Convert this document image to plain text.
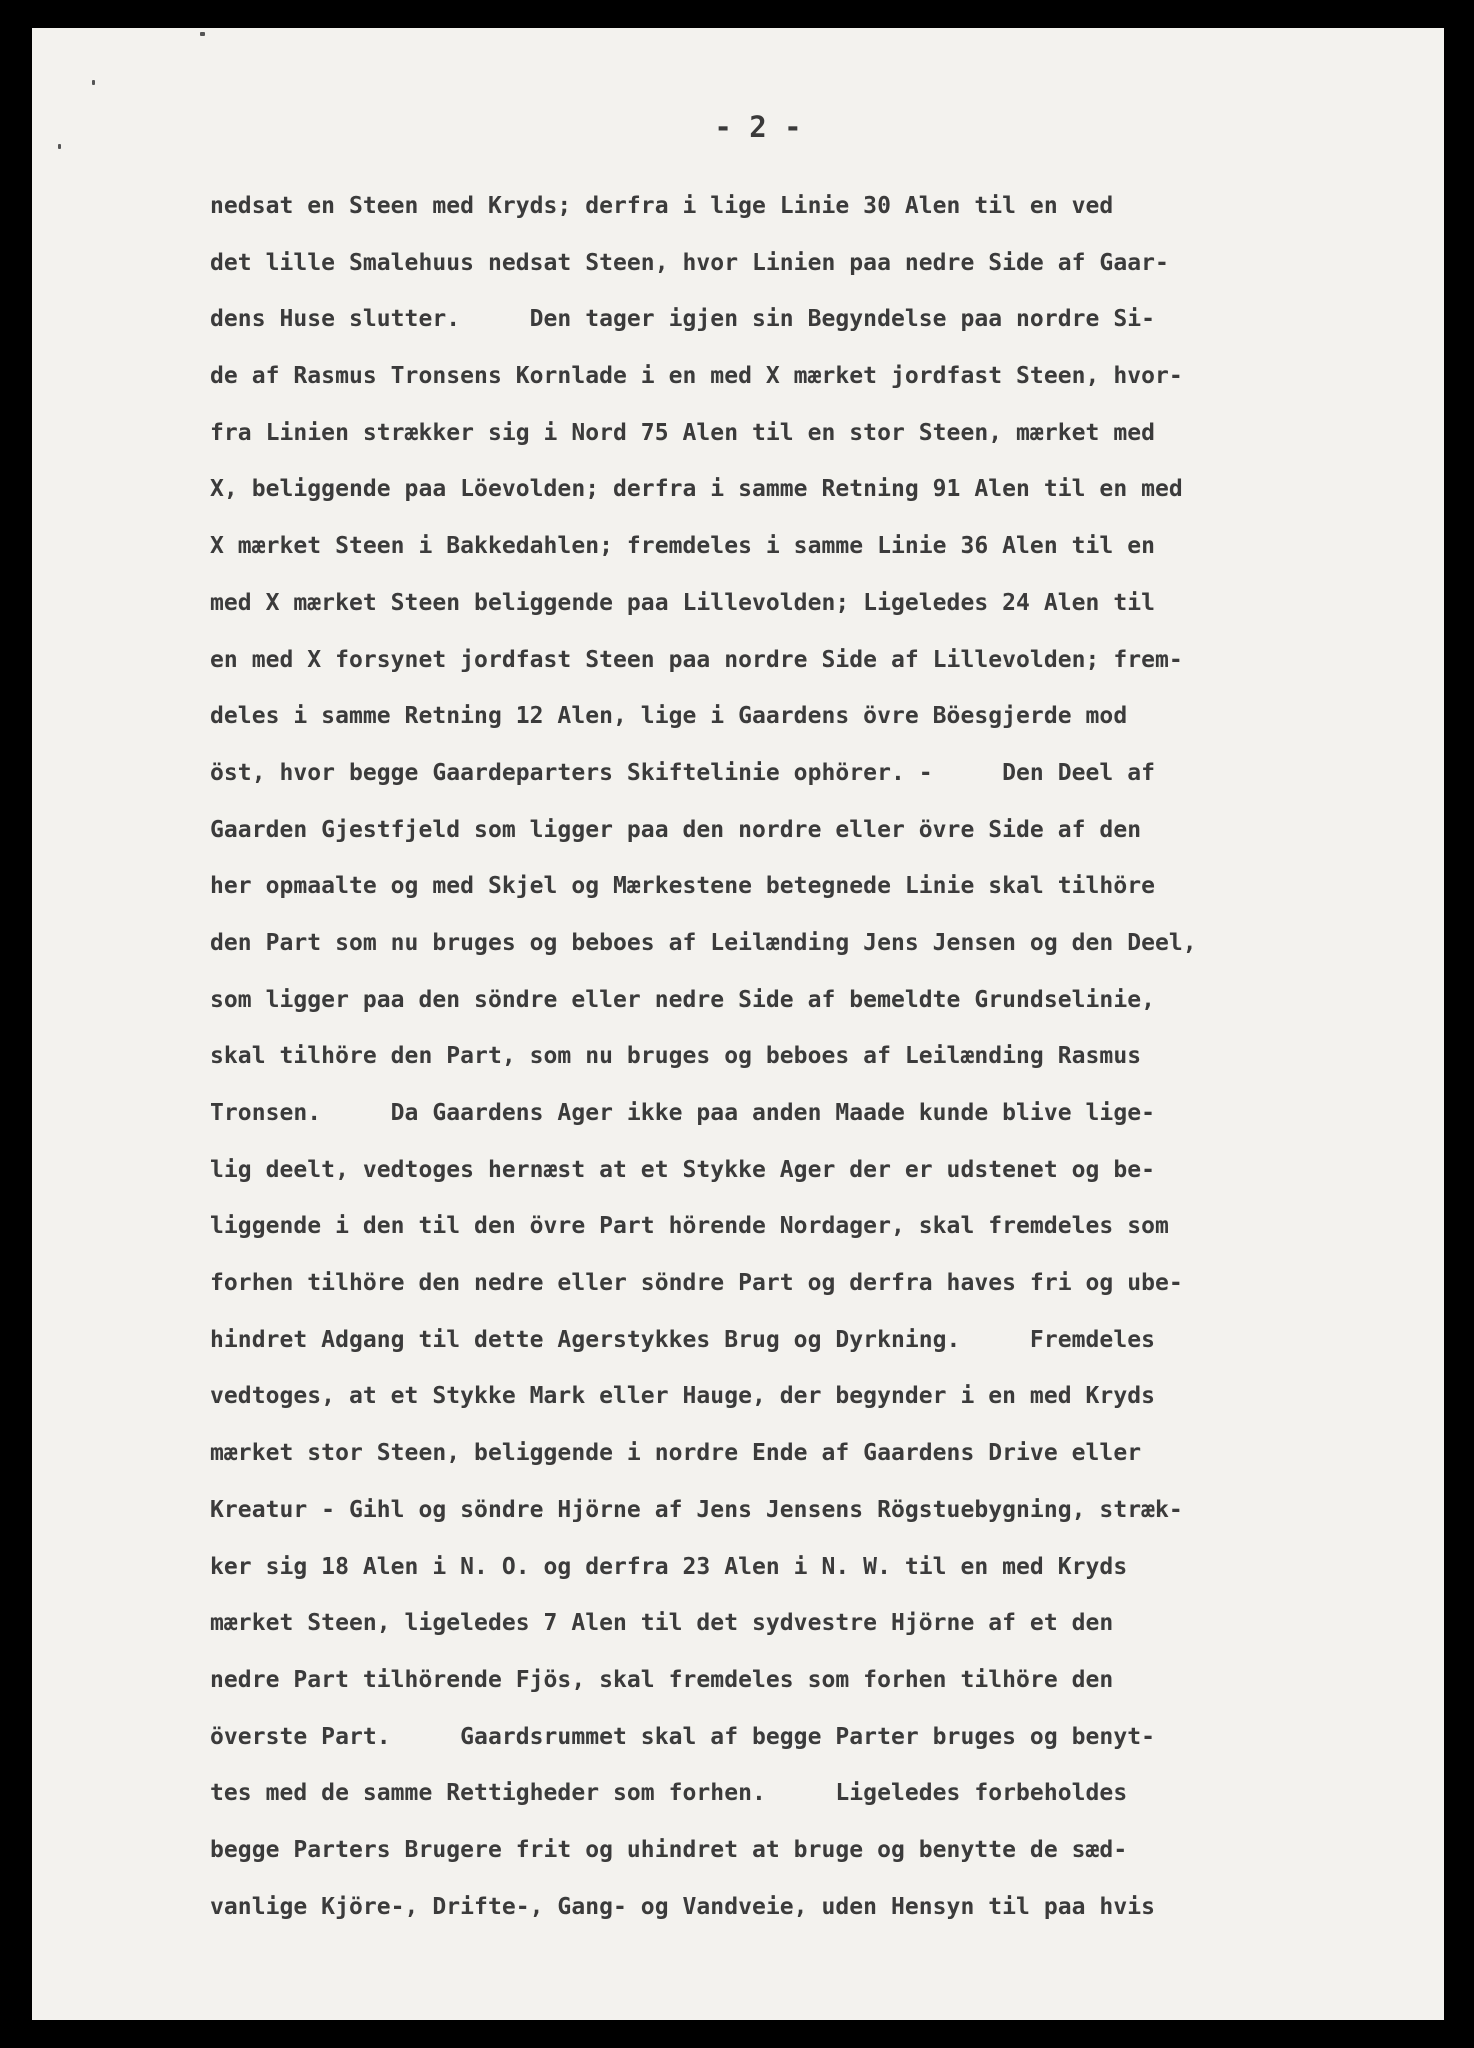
- 2 -
nedsat en Steen med Kryds; derfra i lige Linie 30 Alen til en ved
det lille Smalehuus nedsat Steen, hvor Linien paa nedre Side af Gaar-
dens Huse slutter.     Den tager igjen sin Begyndelse paa nordre Si-
de af Rasmus Tronsens Kornlade i en med X mærket jordfast Steen, hvor-
fra Linien strækker sig i Nord 75 Alen til en stor Steen, mærket med
X, beliggende paa Löevolden; derfra i samme Retning 91 Alen til en med
X mærket Steen i Bakkedahlen; fremdeles i samme Linie 36 Alen til en
med X mærket Steen beliggende paa Lillevolden; Ligeledes 24 Alen til
en med X forsynet jordfast Steen paa nordre Side af Lillevolden; frem-
deles i samme Retning 12 Alen, lige i Gaardens övre Böesgjerde mod
öst, hvor begge Gaardeparters Skiftelinie ophörer. -     Den Deel af
Gaarden Gjestfjeld som ligger paa den nordre eller övre Side af den
her opmaalte og med Skjel og Mærkestene betegnede Linie skal tilhöre
den Part som nu bruges og beboes af Leilænding Jens Jensen og den Deel,
som ligger paa den söndre eller nedre Side af bemeldte Grundselinie,
skal tilhöre den Part, som nu bruges og beboes af Leilænding Rasmus
Tronsen.     Da Gaardens Ager ikke paa anden Maade kunde blive lige-
lig deelt, vedtoges hernæst at et Stykke Ager der er udstenet og be-
liggende i den til den övre Part hörende Nordager, skal fremdeles som
forhen tilhöre den nedre eller söndre Part og derfra haves fri og ube-
hindret Adgang til dette Agerstykkes Brug og Dyrkning.     Fremdeles
vedtoges, at et Stykke Mark eller Hauge, der begynder i en med Kryds
mærket stor Steen, beliggende i nordre Ende af Gaardens Drive eller
Kreatur - Gihl og söndre Hjörne af Jens Jensens Rögstuebygning, stræk-
ker sig 18 Alen i N. O. og derfra 23 Alen i N. W. til en med Kryds
mærket Steen, ligeledes 7 Alen til det sydvestre Hjörne af et den
nedre Part tilhörende Fjös, skal fremdeles som forhen tilhöre den
överste Part.     Gaardsrummet skal af begge Parter bruges og benyt-
tes med de samme Rettigheder som forhen.     Ligeledes forbeholdes
begge Parters Brugere frit og uhindret at bruge og benytte de sæd-
vanlige Kjöre-, Drifte-, Gang- og Vandveie, uden Hensyn til paa hvis
